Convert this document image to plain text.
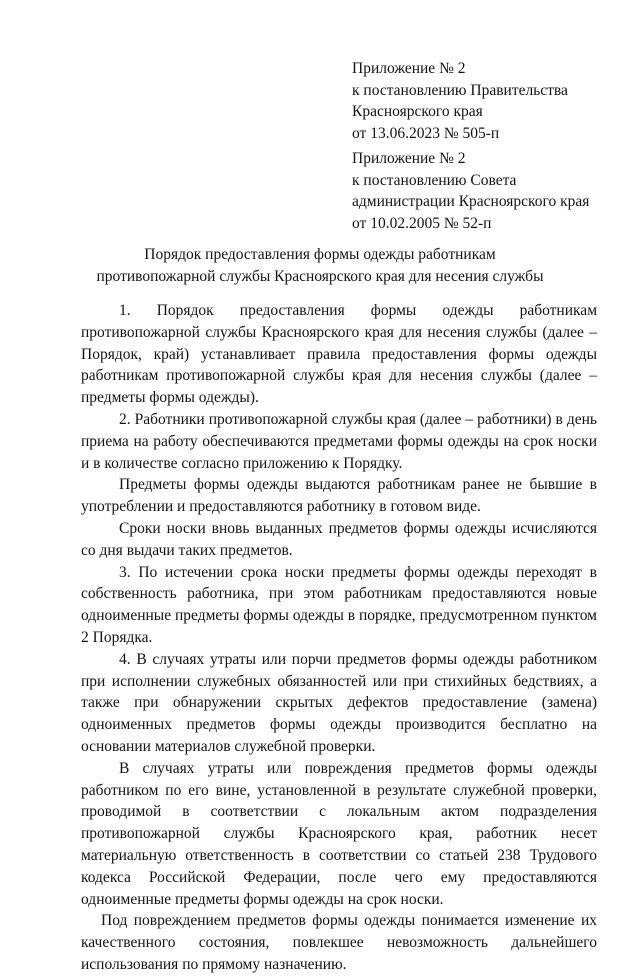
Приложение № 2
к постановлению Правительства
Красноярского края
от 13.06.2023 № 505-п
Приложение № 2
к постановлению Совета
администрации Красноярского края
от 10.02.2005 № 52-п
Порядок предоставления формы одежды работникам
противопожарной службы Красноярского края для несения службы

1. Порядок предоставления формы одежды работникам противопожарной службы Красноярского края для несения службы (далее – Порядок, край) устанавливает правила предоставления формы одежды работникам противопожарной службы края для несения службы (далее – предметы формы одежды).

2. Работники противопожарной службы края (далее – работники) в день приема на работу обеспечиваются предметами формы одежды на срок носки и в количестве согласно приложению к Порядку.

Предметы формы одежды выдаются работникам ранее не бывшие в употреблении и предоставляются работнику в готовом виде.

Сроки носки вновь выданных предметов формы одежды исчисляются со дня выдачи таких предметов.

3. По истечении срока носки предметы формы одежды переходят в собственность работника, при этом работникам предоставляются новые одноименные предметы формы одежды в порядке, предусмотренном пунктом 2 Порядка.

4. В случаях утраты или порчи предметов формы одежды работником при исполнении служебных обязанностей или при стихийных бедствиях, а также при обнаружении скрытых дефектов предоставление (замена) одноименных предметов формы одежды производится бесплатно на основании материалов служебной проверки.

В случаях утраты или повреждения предметов формы одежды работником по его вине, установленной в результате служебной проверки, проводимой в соответствии с локальным актом подразделения противопожарной службы Красноярского края, работник несет материальную ответственность в соответствии со статьей 238 Трудового кодекса Российской Федерации, после чего ему предоставляются одноименные предметы формы одежды на срок носки.

Под повреждением предметов формы одежды понимается изменение их качественного состояния, повлекшее невозможность дальнейшего использования по прямому назначению.
